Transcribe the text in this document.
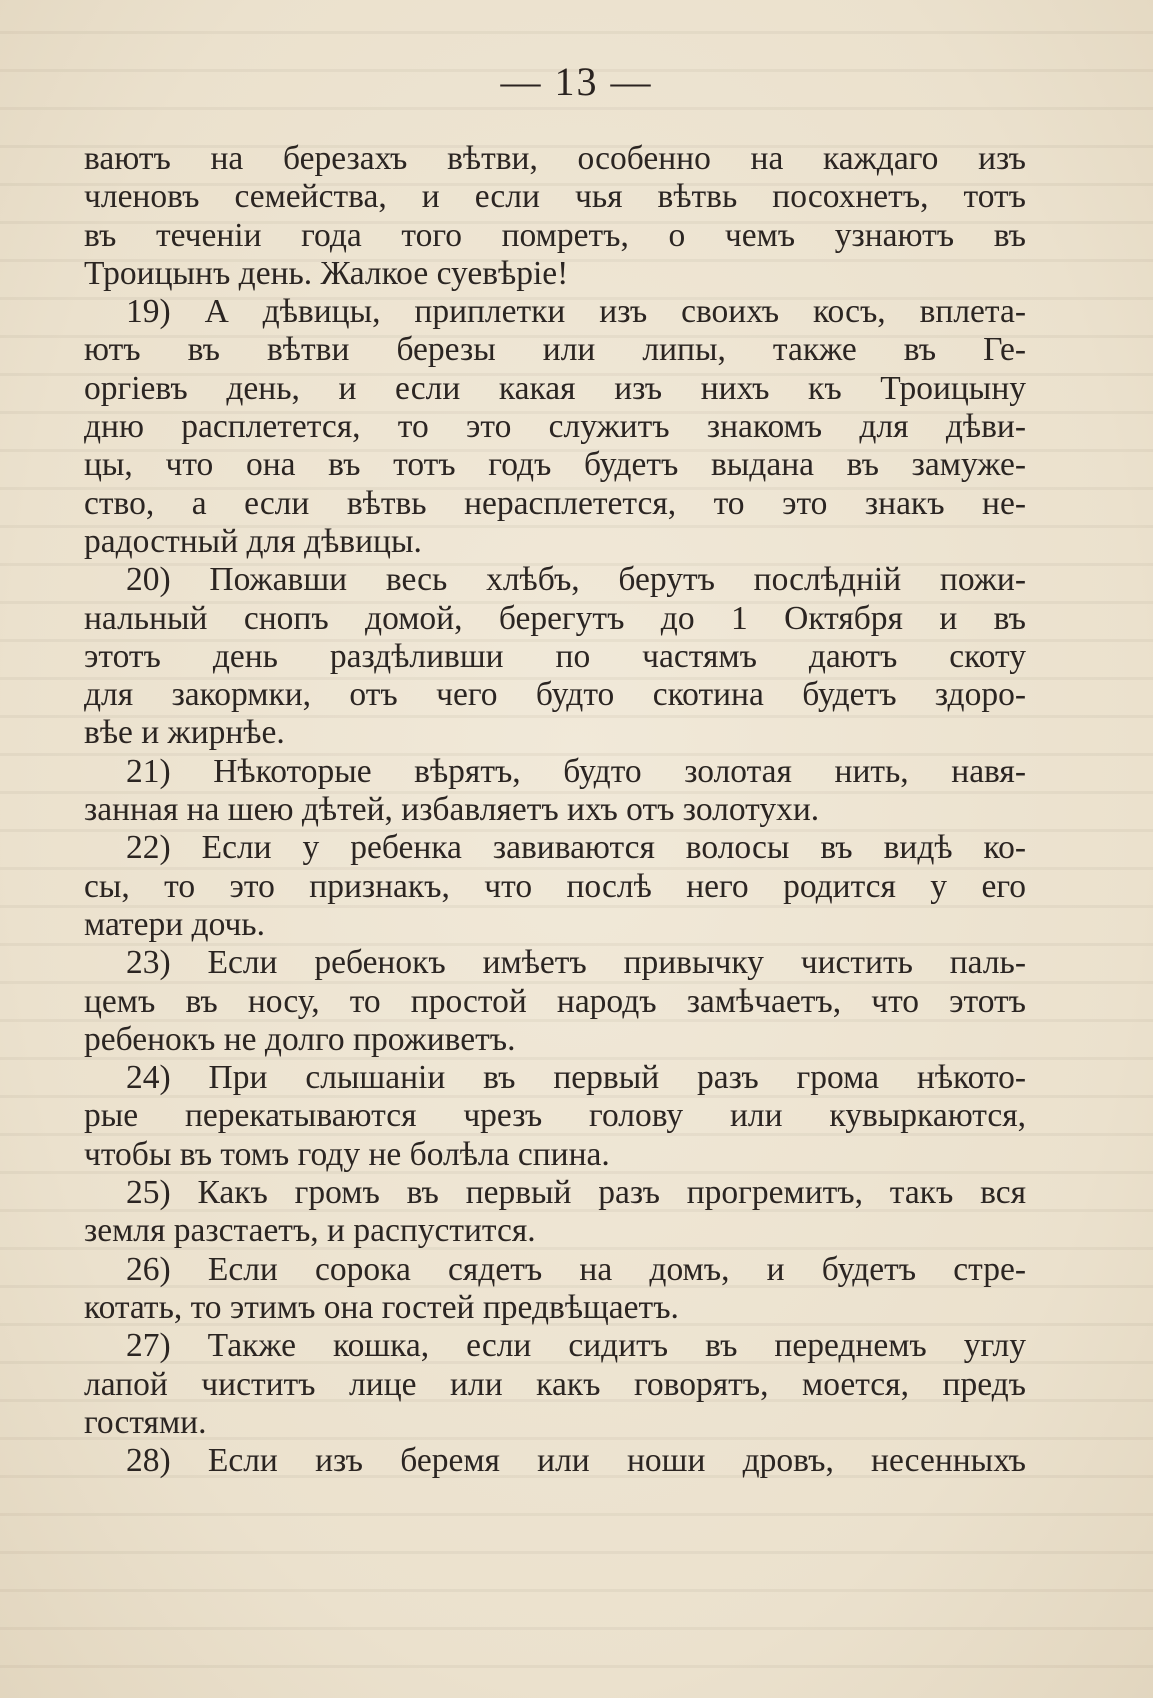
— 13 —
ваютъ на березахъ вѣтви, особенно на каждаго изъ
членовъ семейства, и если чья вѣтвь посохнетъ, тотъ
въ теченіи года того помретъ, о чемъ узнаютъ въ
Троицынъ день. Жалкое суевѣріе!
19) А дѣвицы, приплетки изъ своихъ косъ, вплета-
ютъ въ вѣтви березы или липы, также въ Ге-
оргіевъ день, и если какая изъ нихъ къ Троицыну
дню расплетется, то это служитъ знакомъ для дѣви-
цы, что она въ тотъ годъ будетъ выдана въ замуже-
ство, а если вѣтвь нерасплетется, то это знакъ не-
радостный для дѣвицы.
20) Пожавши весь хлѣбъ, берутъ послѣдній пожи-
нальный снопъ домой, берегутъ до 1 Октября и въ
этотъ день раздѣливши по частямъ даютъ скоту
для закормки, отъ чего будто скотина будетъ здоро-
вѣе и жирнѣе.
21) Нѣкоторые вѣрятъ, будто золотая нить, навя-
занная на шею дѣтей, избавляетъ ихъ отъ золотухи.
22) Если у ребенка завиваются волосы въ видѣ ко-
сы, то это признакъ, что послѣ него родится у его
матери дочь.
23) Если ребенокъ имѣетъ привычку чистить паль-
цемъ въ носу, то простой народъ замѣчаетъ, что этотъ
ребенокъ не долго проживетъ.
24) При слышаніи въ первый разъ грома нѣкото-
рые перекатываются чрезъ голову или кувыркаются,
чтобы въ томъ году не болѣла спина.
25) Какъ громъ въ первый разъ прогремитъ, такъ вся
земля разстаетъ, и распустится.
26) Если сорока сядетъ на домъ, и будетъ стре-
котать, то этимъ она гостей предвѣщаетъ.
27) Также кошка, если сидитъ въ переднемъ углу
лапой чиститъ лице или какъ говорятъ, моется, предъ
гостями.
28) Если изъ беремя или ноши дровъ, несенныхъ
